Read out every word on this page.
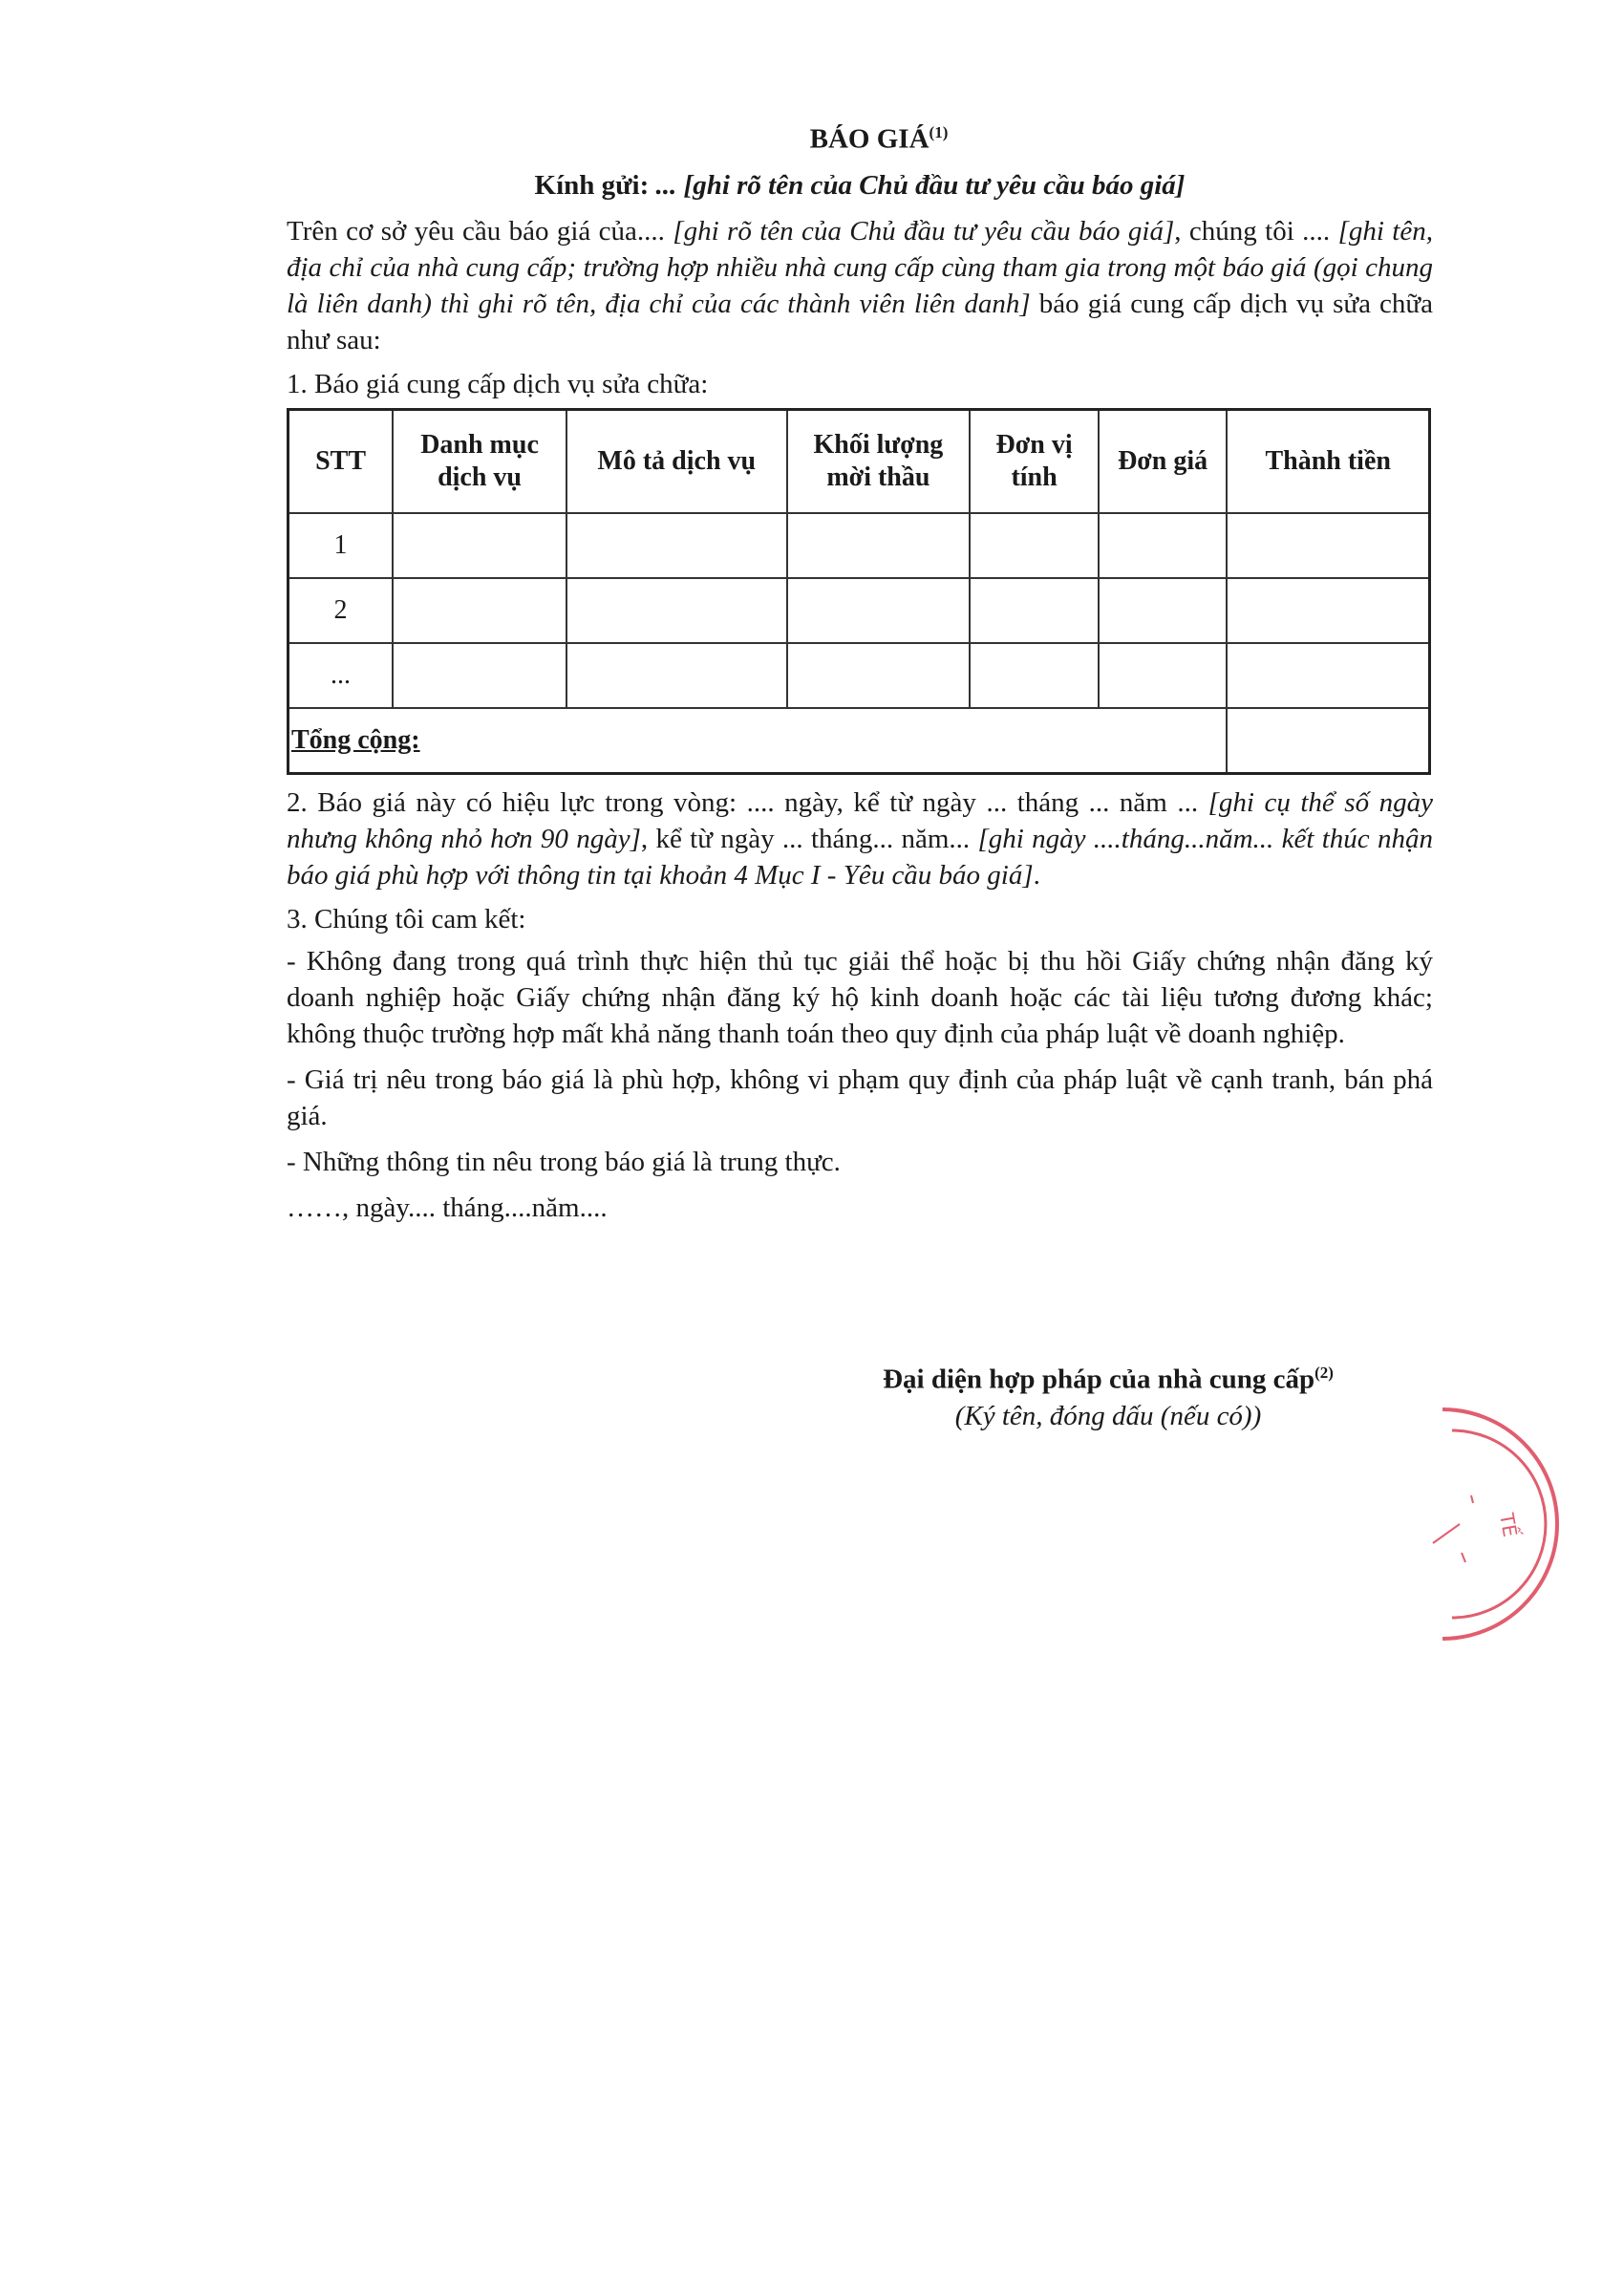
BÁO GIÁ$^{(1)}$
Kính gửi: ... [ghi rõ tên của Chủ đầu tư yêu cầu báo giá]

Trên cơ sở yêu cầu báo giá của.... [ghi rõ tên của Chủ đầu tư yêu cầu báo giá], chúng tôi .... [ghi tên, địa chỉ của nhà cung cấp; trường hợp nhiều nhà cung cấp cùng tham gia trong một báo giá (gọi chung là liên danh) thì ghi rõ tên, địa chỉ của các thành viên liên danh] báo giá cung cấp dịch vụ sửa chữa như sau:

1. Báo giá cung cấp dịch vụ sửa chữa:

STT	Danh mục dịch vụ	Mô tả dịch vụ	Khối lượng mời thầu	Đơn vị tính	Đơn giá	Thành tiền
1						
2						
...						
Tổng cộng:						

2. Báo giá này có hiệu lực trong vòng: .... ngày, kể từ ngày ... tháng ... năm ... [ghi cụ thể số ngày nhưng không nhỏ hơn 90 ngày], kể từ ngày ... tháng... năm... [ghi ngày ....tháng...năm... kết thúc nhận báo giá phù hợp với thông tin tại khoản 4 Mục I - Yêu cầu báo giá].

3. Chúng tôi cam kết:

- Không đang trong quá trình thực hiện thủ tục giải thể hoặc bị thu hồi Giấy chứng nhận đăng ký doanh nghiệp hoặc Giấy chứng nhận đăng ký hộ kinh doanh hoặc các tài liệu tương đương khác; không thuộc trường hợp mất khả năng thanh toán theo quy định của pháp luật về doanh nghiệp.

- Giá trị nêu trong báo giá là phù hợp, không vi phạm quy định của pháp luật về cạnh tranh, bán phá giá.

- Những thông tin nêu trong báo giá là trung thực.

……, ngày.... tháng....năm....

Đại diện hợp pháp của nhà cung cấp$^{(2)}$
(Ký tên, đóng dấu (nếu có))
TẾ
